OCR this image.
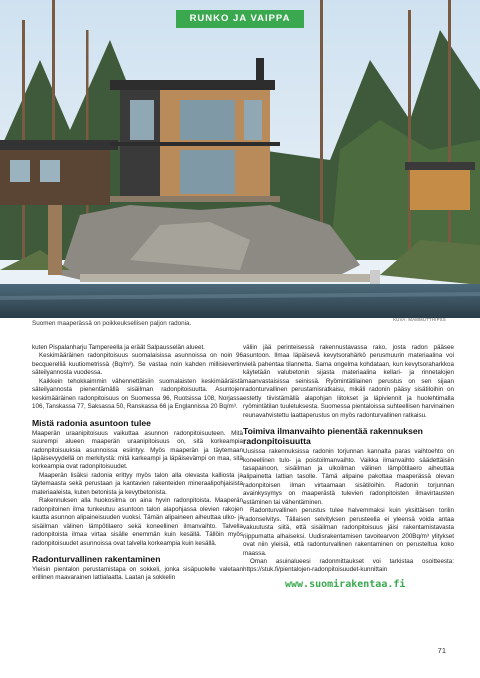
RUNKO JA VAIPPA
Suomen maaperässä on poikkeuksellisen paljon radonia.
KUVA: MAMMUTTHIPSS

kuten Pispalanharju Tampereella ja eräät Salpausselän alueet.

Keskimääräinen radonpitoisuus suomalaisissa asunnoissa on noin 96 becquerelliä kuutiometrissä (Bq/m³). Se vastaa noin kahden millisievertin säteilyannosta vuodessa.

Kaikkein tehokkaimmin vähennettäisiin suomalaisten keskimääräistä säteilyannosta pienentämällä sisäilman radonpitoisuutta. Asuntojen keskimääräinen radonpitoisuus on Suomessa 96, Ruotsissa 108, Norjassa 106, Tanskassa 77, Saksassa 50, Ranskassa 66 ja Englannissa 20 Bq/m³.

Mistä radonia asuntoon tulee

Maaperän uraanipitoisuus vaikuttaa asunnon radonpitoisuuteen. Mitä suurempi alueen maaperän uraanipitoisuus on, sitä korkeampia radonpitoisuuksia asunnoissa esiintyy. Myös maaperän ja täytemaan läpäisevyydellä on merkitystä: mitä karkeampi ja läpäisevämpi on maa, sitä korkeampia ovat radonpitoisuudet.

Maaperän lisäksi radonia erittyy myös talon alla olevasta kalliosta ja täytemaasta sekä perustaan ja kantavien rakenteiden mineraalipohjaisista materiaaleista, kuten betonista ja kevytbetonista.

Rakennuksen alla huokosilma on aina hyvin radonpitoista. Maaperän radonpitoinen ilma tunkeutuu asuntoon talon alapohjassa olevien rakojen kautta asunnon alipaineisuuden vuoksi. Tämän alipaineen aiheuttaa ulko- ja sisäilman välinen lämpötilaero sekä koneellinen ilmanvaihto. Talvella radonpitoista ilmaa virtaa sisälle enemmän kuin kesällä. Tällöin myös radonpitoisuudet asunnoissa ovat talvella korkeampia kuin kesällä.

Radonturvallinen rakentaminen

Yleisin pientalon perustamistapa on sokkeli, jonka sisäpuolelle valetaan erillinen maavarainen lattialaatta. Laatan ja sokkelin

väliin jää perinteisessä rakennustavassa rako, josta radon pääsee asuntoon. Ilmaa läpäisevä kevytsorahärkö perusmuurin materiaalina voi vielä pahentaa tilannetta. Sama ongelma kohdataan, kun kevytsoraharkkoa käytetään valubetonin sijasta materiaalina kellari- ja rinnetalojen maanvastaisissa seinissä. Ryömintätilainen perustus on sen sijaan radonturvallinen perustamisratkaisu, mikäli radonin pääsy sisätiloihin on estetty tiivistämällä alapohjan liitokset ja läpiviennit ja huolehtimalla ryömintätilan tuuletuksesta. Suomessa pientaloissa suhteellisen harvinainen reunavahvistettu laattaperustus on myös radonturvallinen ratkaisu.

Toimiva ilmanvaihto pienentää rakennuksen radonpitoisuutta

Uusissa rakennuksissa radonin torjunnan kannalta paras vaihtoehto on koneellinen tulo- ja poistoilmanvaihto. Vaikka ilmanvaihto säädettäisiin tasapainoon, sisäilman ja ulkoilman välinen lämpötilaero aiheuttaa alipainetta lattian tasolle. Tämä alipaine pakottaa maaperässä olevan radonpitoisen ilman virtaamaan sisätiloihin. Radonin torjunnan avainkysymys on maaperästä tulevien radonpitoisten ilmavirtausten estäminen tai vähentäminen.

Radonturvallinen perustus tulee halvemmaksi kuin yksittäisen torilin radonselvitys. Tällaisen selvityksen perusteella ei yleensä voida antaa vakuutusta siitä, että sisäilman radonpitoisuus jäisi rakentamistavasta riippumatta alhaiseksi. Uudisrakentamisen tavoitearvon 200Bq/m³ ylitykset ovat niin yleisiä, että radonturvallinen rakentaminen on perusteltua koko maassa.

Oman asuinalueesi radonmittaukset voi tarkistaa osoitteesta: https://stuk.fi/pientalojen-radonpitoisuudet-kunnittain

www.suomirakentaa.fi
71
